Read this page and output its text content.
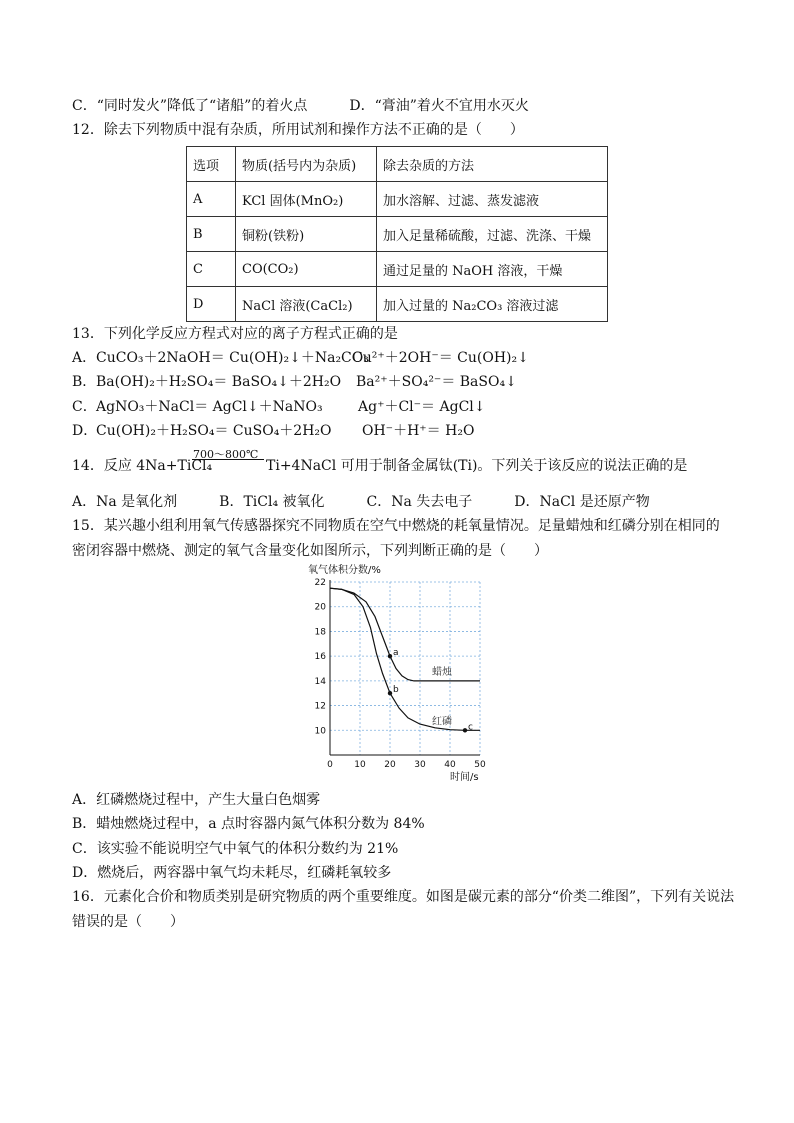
C．“同时发火”降低了“诸船”的着火点　　　D．“膏油”着火不宜用水灭火
12．除去下列物质中混有杂质，所用试剂和操作方法不正确的是（　　）
选项	物质(括号内为杂质)	除去杂质的方法
A	KCl 固体(MnO₂)	加水溶解、过滤、蒸发滤液
B	铜粉(铁粉)	加入足量稀硫酸，过滤、洗涤、干燥
C	CO(CO₂)	通过足量的 NaOH 溶液，干燥
D	NaCl 溶液(CaCl₂)	加入过量的 Na₂CO₃ 溶液过滤
13．下列化学反应方程式对应的离子方程式正确的是
A． CuCO₃＋2NaOH＝ Cu(OH)₂↓＋Na₂CO₃
Cu²⁺＋2OH⁻＝ Cu(OH)₂↓
B． Ba(OH)₂＋H₂SO₄＝ BaSO₄↓＋2H₂O Ba²⁺＋SO₄²⁻＝ BaSO₄↓
C． AgNO₃＋NaCl＝ AgCl↓＋NaNO₃	Ag⁺＋Cl⁻＝ AgCl↓
D．
Cu(OH)₂＋H₂SO₄＝ CuSO₄＋2H₂O OH⁻＋H⁺＝ H₂O
14．反应 4Na+TiCl₄
700～800℃
Ti+4NaCl 可用于制备金属钛(Ti)。下列关于该反应的说法正确的是
A．Na 是氧化剂　　　B．TiCl₄ 被氧化　　　C．Na 失去电子　　　D．NaCl 是还原产物
15．某兴趣小组利用氧气传感器探究不同物质在空气中燃烧的耗氧量情况。足量蜡烛和红磷分别在相同的
密闭容器中燃烧、测定的氧气含量变化如图所示，下列判断正确的是（　　）
氧气体积分数/%
0 10 20 30 40 50
10
12
14
16
18
20
22
蜡烛
红磷
a
b
c
时间/s
A．红磷燃烧过程中，产生大量白色烟雾
B．蜡烛燃烧过程中，a 点时容器内氮气体积分数为 84%
C．该实验不能说明空气中氧气的体积分数约为 21%
D．燃烧后，两容器中氧气均未耗尽，红磷耗氧较多
16．元素化合价和物质类别是研究物质的两个重要维度。如图是碳元素的部分“价类二维图”，下列有关说法
错误的是（　　）
